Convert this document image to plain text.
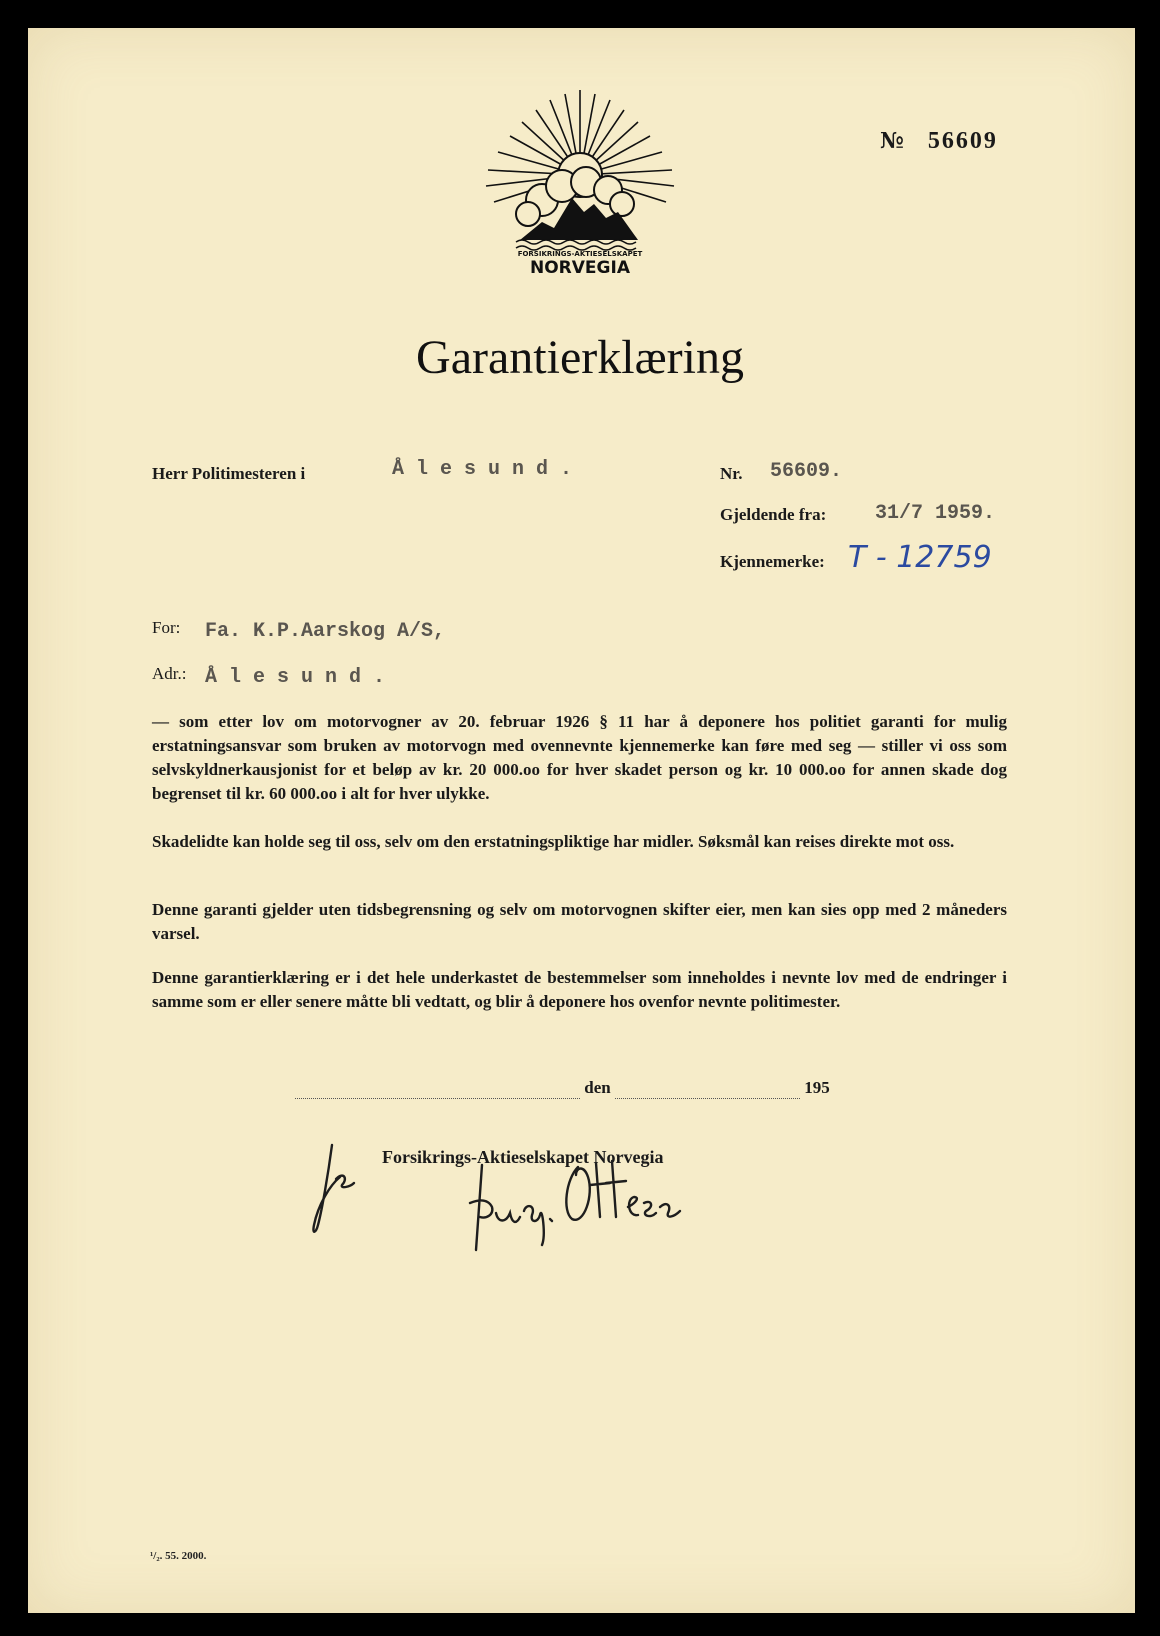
FORSIKRINGS-AKTIESELSKAPET
NORVEGIA
№ 56609
Garantierklæring
Herr Politimesteren i	Å l e s u n d .	Nr. 56609.
Gjeldende fra: 31/7 1959.
Kjennemerke: T - 12759
For: Fa. K.P.Aarskog A/S,
Adr.: Å l e s u n d .
— som etter lov om motorvogner av 20. februar 1926 § 11 har å deponere hos politiet garanti for mulig erstatningsansvar som bruken av motorvogn med ovennevnte kjennemerke kan føre med seg — stiller vi oss som selvskyldnerkausjonist for et beløp av kr. 20 000.oo for hver skadet person og kr. 10 000.oo for annen skade dog begrenset til kr. 60 000.oo i alt for hver ulykke.
Skadelidte kan holde seg til oss, selv om den erstatningspliktige har midler. Søksmål kan reises direkte mot oss.
Denne garanti gjelder uten tidsbegrensning og selv om motorvognen skifter eier, men kan sies opp med 2 måneders varsel.
Denne garantierklæring er i det hele underkastet de bestemmelser som inneholdes i nevnte lov med de endringer i samme som er eller senere måtte bli vedtatt, og blir å deponere hos ovenfor nevnte politimester.
den	195
Forsikrings-Aktieselskapet Norvegia
¹/₂. 55. 2000.
